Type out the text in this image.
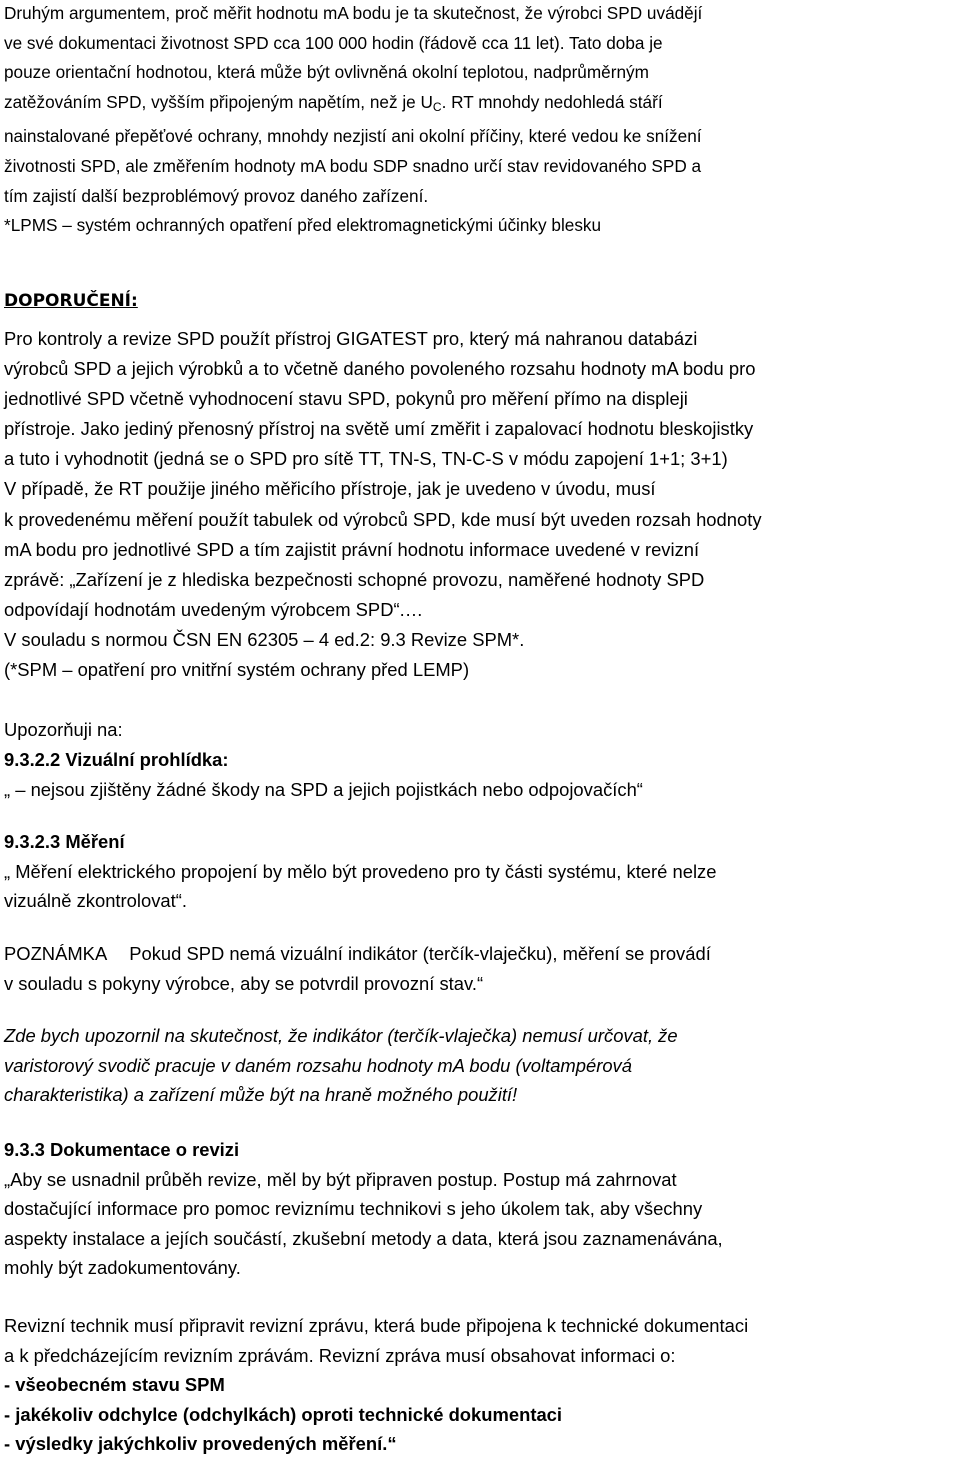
Druhým argumentem, proč měřit hodnotu mA bodu je ta skutečnost, že výrobci SPD uvádějí
ve své dokumentaci životnost SPD cca 100 000 hodin (řádově cca 11 let). Tato doba je
pouze orientační hodnotou, která může být ovlivněná okolní teplotou, nadprůměrným
zatěžováním SPD, vyšším připojeným napětím, než je $U_C$. RT mnohdy nedohledá stáří
nainstalované přepěťové ochrany, mnohdy nezjistí ani okolní příčiny, které vedou ke snížení
životnosti SPD, ale změřením hodnoty mA bodu SDP snadno určí stav revidovaného SPD a
tím zajistí další bezproblémový provoz daného zařízení.
*LPMS – systém ochranných opatření před elektromagnetickými účinky blesku
DOPORUČENÍ:
Pro kontroly a revize SPD použít přístroj GIGATEST pro, který má nahranou databázi
výrobců SPD a jejich výrobků a to včetně daného povoleného rozsahu hodnoty mA bodu pro
jednotlivé SPD včetně vyhodnocení stavu SPD, pokynů pro měření přímo na displeji
přístroje. Jako jediný přenosný přístroj na světě umí změřit i zapalovací hodnotu bleskojistky
a tuto i vyhodnotit (jedná se o SPD pro sítě TT, TN-S, TN-C-S v módu zapojení 1+1; 3+1)
V případě, že RT použije jiného měřicího přístroje, jak je uvedeno v úvodu, musí
k provedenému měření použít tabulek od výrobců SPD, kde musí být uveden rozsah hodnoty
mA bodu pro jednotlivé SPD a tím zajistit právní hodnotu informace uvedené v revizní
zprávě: „Zařízení je z hlediska bezpečnosti schopné provozu, naměřené hodnoty SPD
odpovídají hodnotám uvedeným výrobcem SPD“.…
V souladu s normou ČSN EN 62305 – 4 ed.2: 9.3 Revize SPM*.
(*SPM – opatření pro vnitřní systém ochrany před LEMP)
Upozorňuji na:
9.3.2.2 Vizuální prohlídka:
„ – nejsou zjištěny žádné škody na SPD a jejich pojistkách nebo odpojovačích“
9.3.2.3 Měření
„ Měření elektrického propojení by mělo být provedeno pro ty části systému, které nelze
vizuálně zkontrolovat“.
POZNÁMKA Pokud SPD nemá vizuální indikátor (terčík-vlaječku), měření se provádí
v souladu s pokyny výrobce, aby se potvrdil provozní stav.“
Zde bych upozornil na skutečnost, že indikátor (terčík-vlaječka) nemusí určovat, že
varistorový svodič pracuje v daném rozsahu hodnoty mA bodu (voltampérová
charakteristika) a zařízení může být na hraně možného použití!
9.3.3 Dokumentace o revizi
„Aby se usnadnil průběh revize, měl by být připraven postup. Postup má zahrnovat
dostačující informace pro pomoc reviznímu technikovi s jeho úkolem tak, aby všechny
aspekty instalace a jejích součástí, zkušební metody a data, která jsou zaznamenávána,
mohly být zadokumentovány.
Revizní technik musí připravit revizní zprávu, která bude připojena k technické dokumentaci
a k předcházejícím revizním zprávám. Revizní zpráva musí obsahovat informaci o:
- všeobecném stavu SPM
- jakékoliv odchylce (odchylkách) oproti technické dokumentaci
- výsledky jakýchkoliv provedených měření.“
